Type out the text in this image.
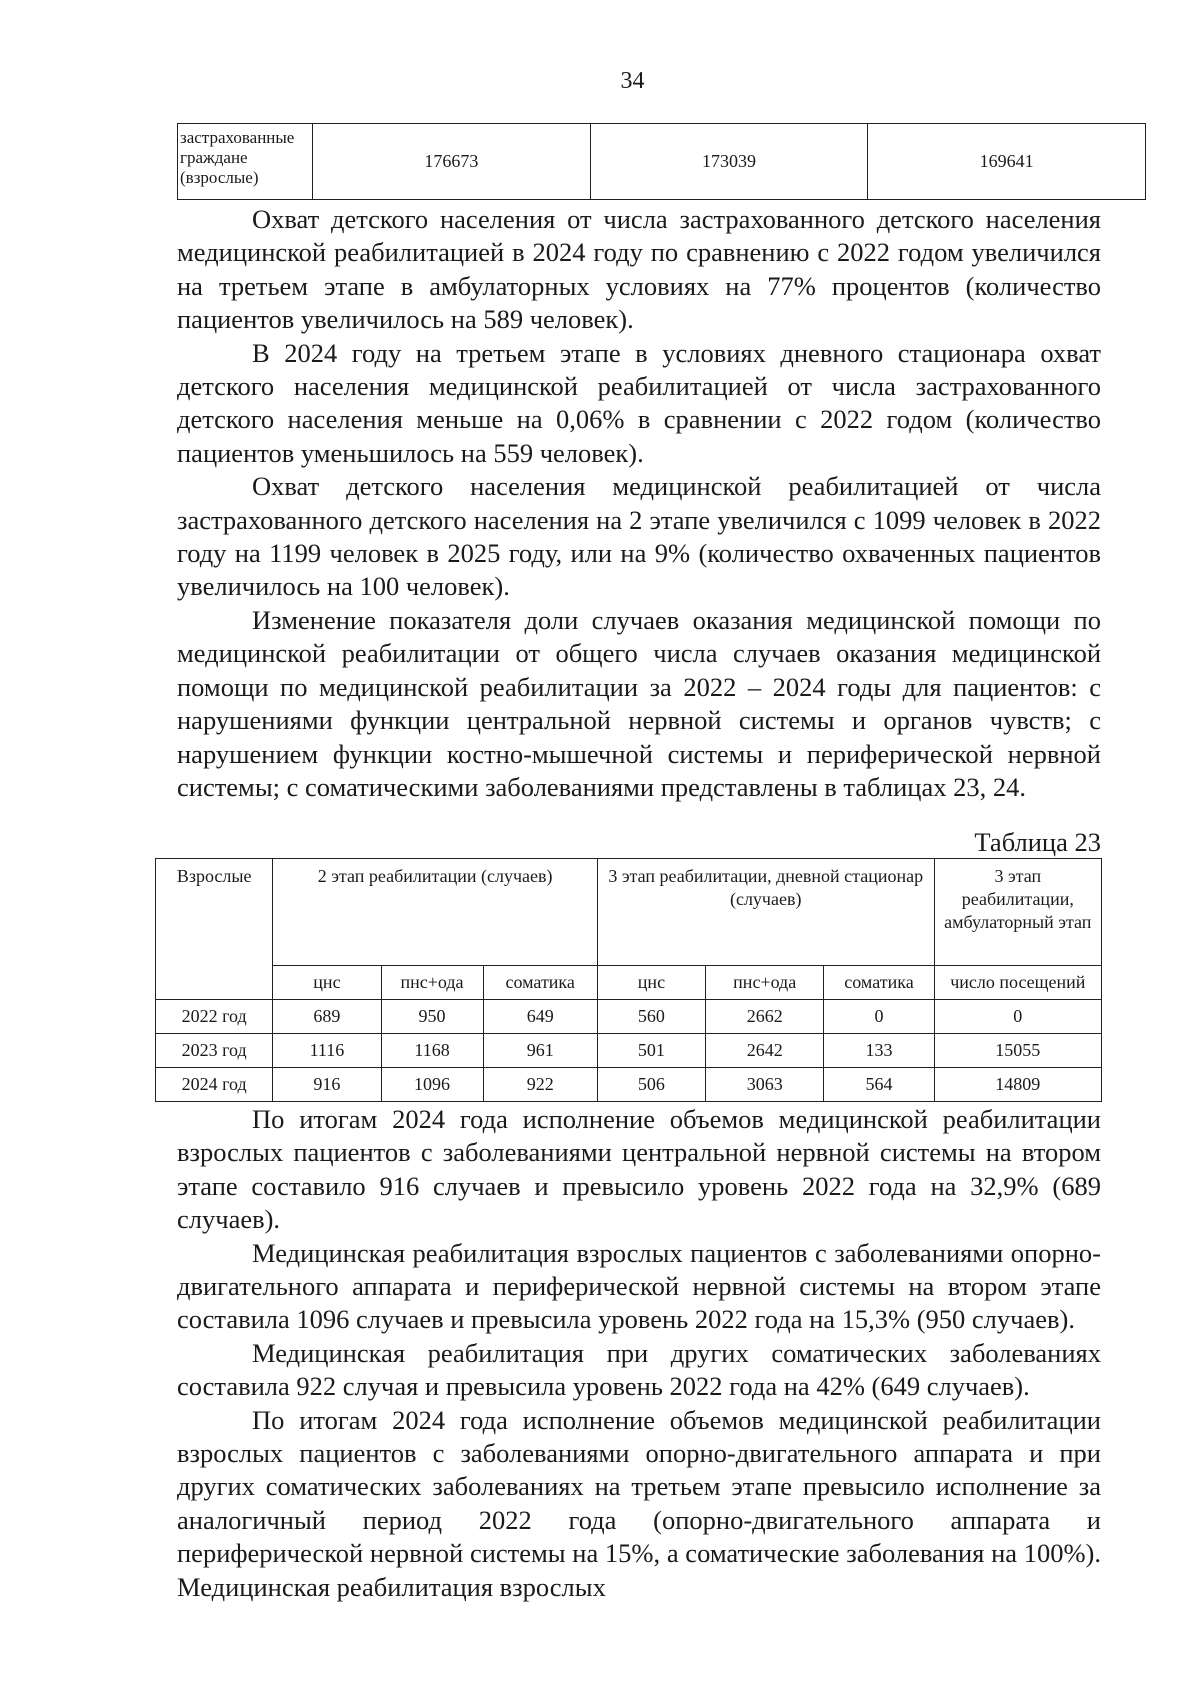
34
застрахованные граждане (взрослые)	176673	173039	169641

Охват детского населения от числа застрахованного детского населения медицинской реабилитацией в 2024 году по сравнению с 2022 годом увеличился на третьем этапе в амбулаторных условиях на 77% процентов (количество пациентов увеличилось на 589 человек).

В 2024 году на третьем этапе в условиях дневного стационара охват детского населения медицинской реабилитацией от числа застрахованного детского населения меньше на 0,06% в сравнении с 2022 годом (количество пациентов уменьшилось на 559 человек).

Охват детского населения медицинской реабилитацией от числа застрахованного детского населения на 2 этапе увеличился с 1099 человек в 2022 году на 1199 человек в 2025 году, или на 9% (количество охваченных пациентов увеличилось на 100 человек).

Изменение показателя доли случаев оказания медицинской помощи по медицинской реабилитации от общего числа случаев оказания медицинской помощи по медицинской реабилитации за 2022 – 2024 годы для пациентов: с нарушениями функции центральной нервной системы и органов чувств; с нарушением функции костно-мышечной системы и периферической нервной системы; с соматическими заболеваниями представлены в таблицах 23, 24.

Таблица 23
Взрослые	2 этап реабилитации (случаев)			3 этап реабилитации, дневной стационар (случаев)			3 этап реабилитации, амбулаторный этап
	цнс	пнс+ода	соматика	цнс	пнс+ода	соматика	число посещений
2022 год	689	950	649	560	2662	0	0
2023 год	1116	1168	961	501	2642	133	15055
2024 год	916	1096	922	506	3063	564	14809

По итогам 2024 года исполнение объемов медицинской реабилитации взрослых пациентов с заболеваниями центральной нервной системы на втором этапе составило 916 случаев и превысило уровень 2022 года на 32,9% (689 случаев).

Медицинская реабилитация взрослых пациентов с заболеваниями опорно-двигательного аппарата и периферической нервной системы на втором этапе составила 1096 случаев и превысила уровень 2022 года на 15,3% (950 случаев).

Медицинская реабилитация при других соматических заболеваниях составила 922 случая и превысила уровень 2022 года на 42% (649 случаев).

По итогам 2024 года исполнение объемов медицинской реабилитации взрослых пациентов с заболеваниями опорно-двигательного аппарата и при других соматических заболеваниях на третьем этапе превысило исполнение за аналогичный период 2022 года (опорно-двигательного аппарата и периферической нервной системы на 15%, а соматические заболевания на 100%). Медицинская реабилитация взрослых
